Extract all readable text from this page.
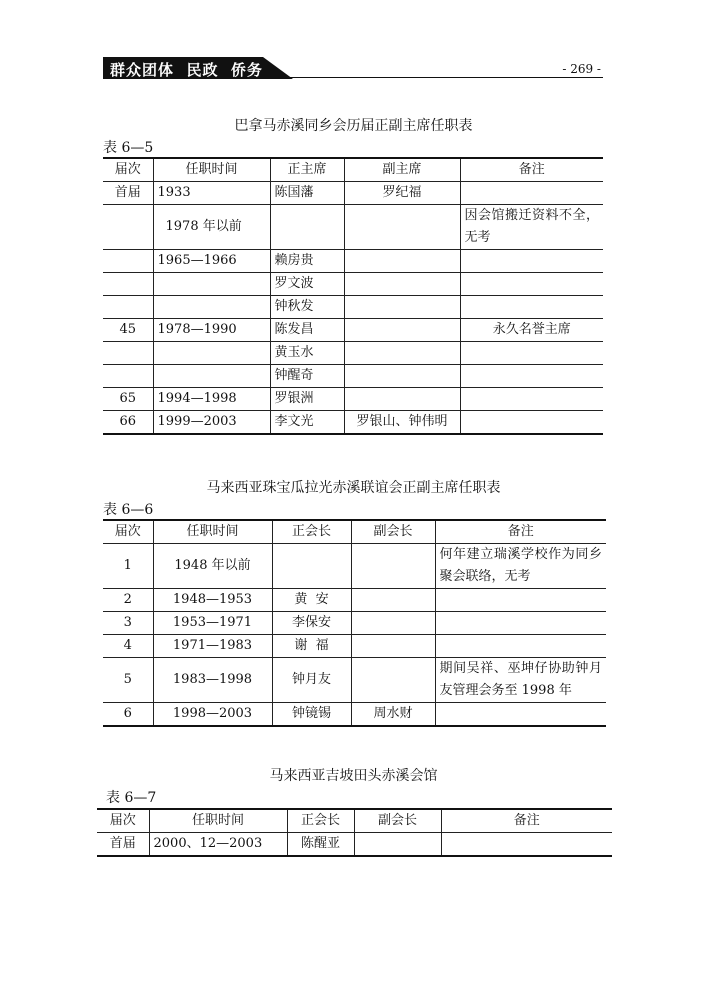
群众团体  民政  侨务	- 269 -
巴拿马赤溪同乡会历届正副主席任职表
表 6—5
届次	任职时间	正主席	副主席	备注
首届	1933	陈国藩	罗纪福	
	1978 年以前			因会馆搬迁资料不全，无考
	1965—1966	赖房贵		
		罗文波		
		钟秋发		
45	1978—1990	陈发昌		永久名誉主席
		黄玉水		
		钟醒奇		
65	1994—1998	罗银洲		
66	1999—2003	李文光	罗银山、钟伟明	
马来西亚珠宝瓜拉光赤溪联谊会正副主席任职表
表 6—6
届次	任职时间	正会长	副会长	备注
1	1948 年以前			何年建立瑞溪学校作为同乡聚会联络，无考
2	1948—1953	黄  安		
3	1953—1971	李保安		
4	1971—1983	谢  福		
5	1983—1998	钟月友		期间吴祥、巫坤仔协助钟月友管理会务至 1998 年
6	1998—2003	钟镜锡	周水财	
马来西亚吉坡田头赤溪会馆
表 6—7
届次	任职时间	正会长	副会长	备注
首届	2000、12—2003	陈醒亚		
